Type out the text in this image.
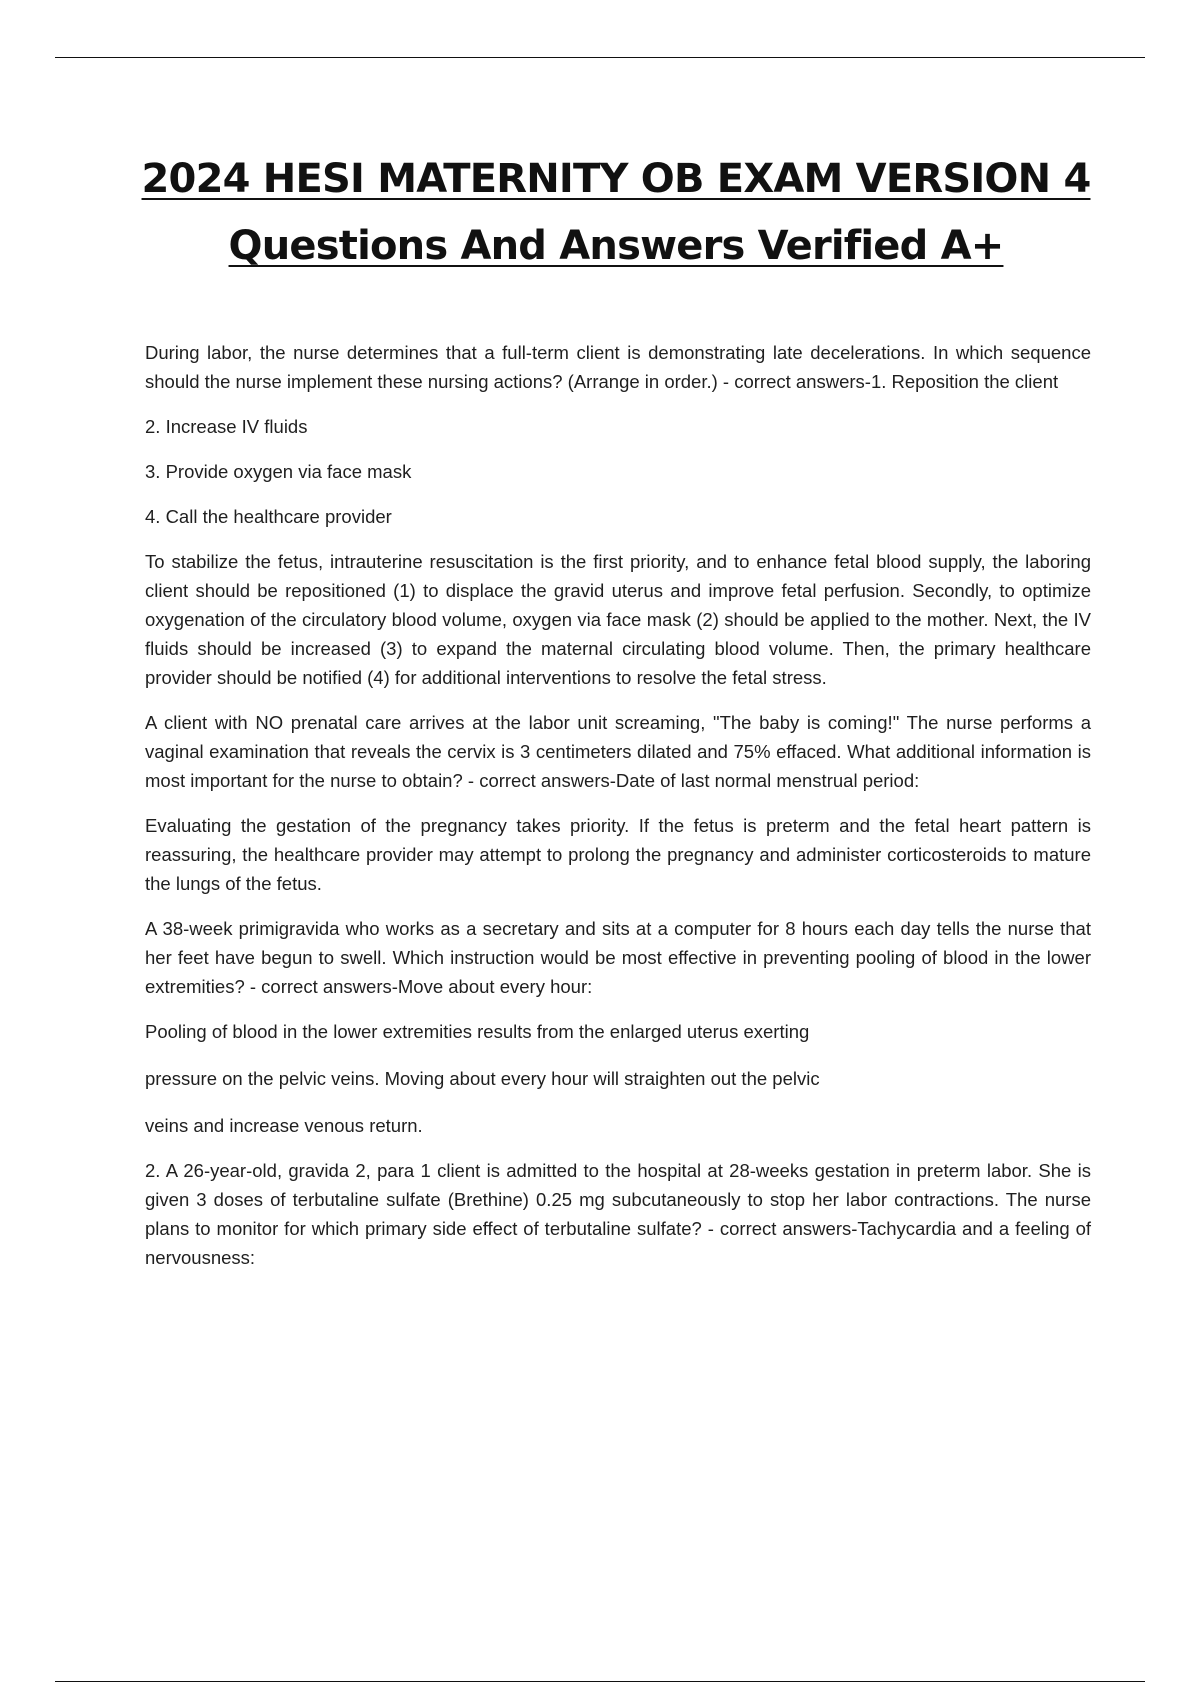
2024 HESI MATERNITY OB EXAM VERSION 4 Questions And Answers Verified A+

During labor, the nurse determines that a full-term client is demonstrating late decelerations. In which sequence should the nurse implement these nursing actions? (Arrange in order.) - correct answers-1. Reposition the client

2. Increase IV fluids

3. Provide oxygen via face mask

4. Call the healthcare provider

To stabilize the fetus, intrauterine resuscitation is the first priority, and to enhance fetal blood supply, the laboring client should be repositioned (1) to displace the gravid uterus and improve fetal perfusion. Secondly, to optimize oxygenation of the circulatory blood volume, oxygen via face mask (2) should be applied to the mother. Next, the IV fluids should be increased (3) to expand the maternal circulating blood volume. Then, the primary healthcare provider should be notified (4) for additional interventions to resolve the fetal stress.

A client with NO prenatal care arrives at the labor unit screaming, "The baby is coming!" The nurse performs a vaginal examination that reveals the cervix is 3 centimeters dilated and 75% effaced. What additional information is most important for the nurse to obtain? - correct answers-Date of last normal menstrual period:

Evaluating the gestation of the pregnancy takes priority. If the fetus is preterm and the fetal heart pattern is reassuring, the healthcare provider may attempt to prolong the pregnancy and administer corticosteroids to mature the lungs of the fetus.

A 38-week primigravida who works as a secretary and sits at a computer for 8 hours each day tells the nurse that her feet have begun to swell. Which instruction would be most effective in preventing pooling of blood in the lower extremities? - correct answers-Move about every hour:

Pooling of blood in the lower extremities results from the enlarged uterus exerting

pressure on the pelvic veins. Moving about every hour will straighten out the pelvic

veins and increase venous return.

2. A 26-year-old, gravida 2, para 1 client is admitted to the hospital at 28-weeks gestation in preterm labor. She is given 3 doses of terbutaline sulfate (Brethine) 0.25 mg subcutaneously to stop her labor contractions. The nurse plans to monitor for which primary side effect of terbutaline sulfate? - correct answers-Tachycardia and a feeling of nervousness:
